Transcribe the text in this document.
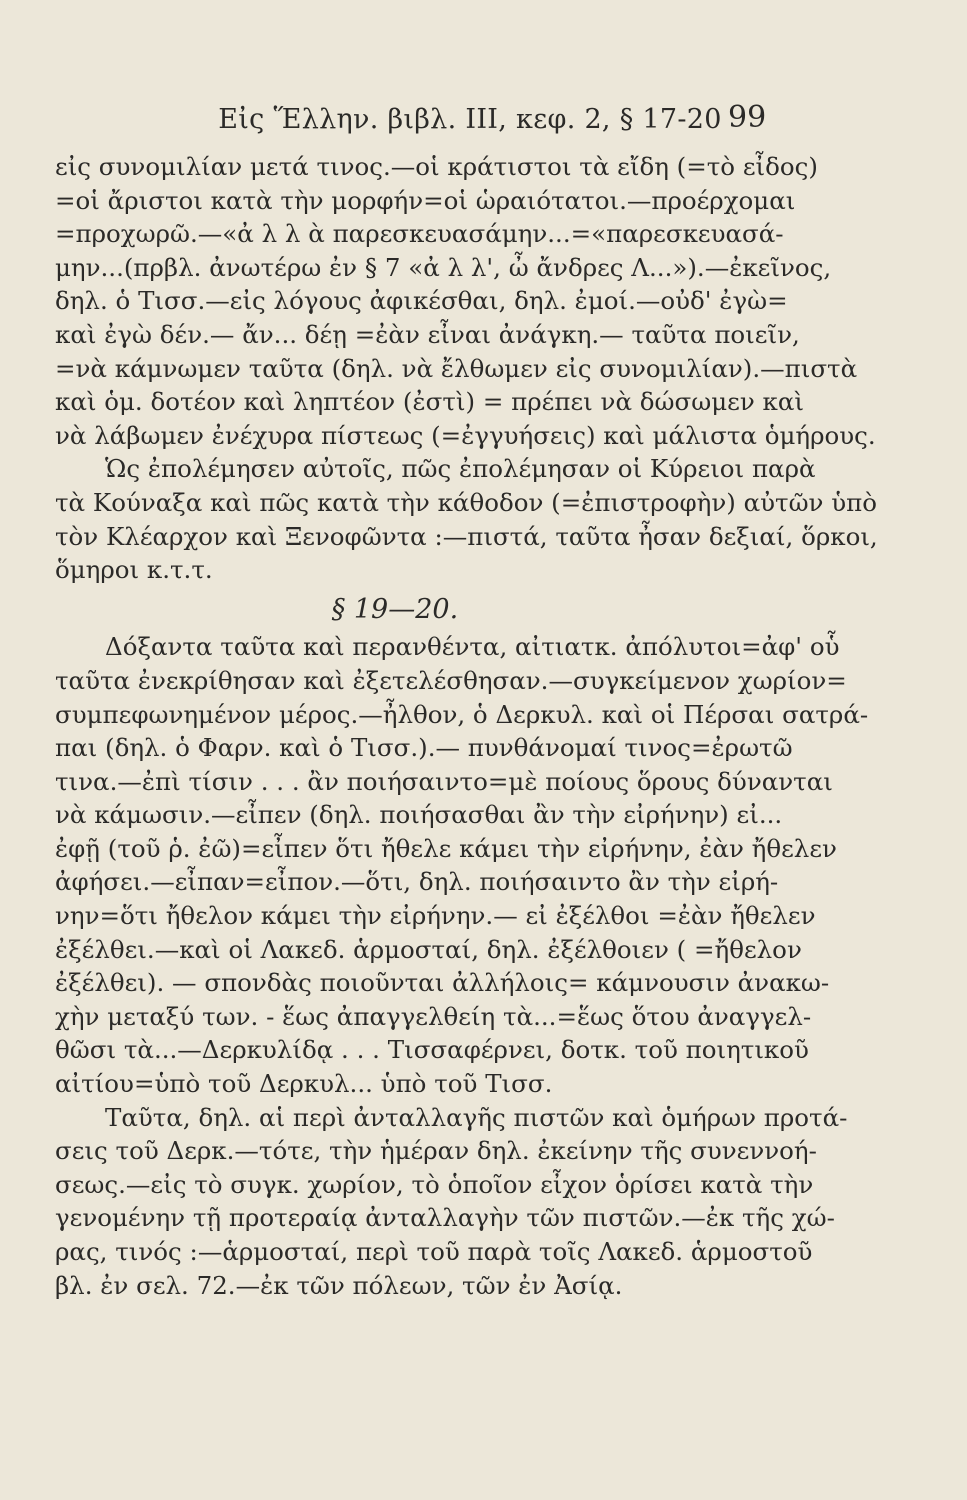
Εἰς Ἕλλην. βιβλ. III, κεφ. 2, § 17-20 99
εἰς συνομιλίαν μετά τινος.—οἱ κράτιστοι τὰ εἴδη (=τὸ εἶδος)
=οἱ ἄριστοι κατὰ τὴν μορφήν=οἱ ὡραιότατοι.—προέρχομαι
=προχωρῶ.—«ἀ λ λ ὰ παρεσκευασάμην...=«παρεσκευασά-
μην...(πρβλ. ἀνωτέρω ἐν § 7 «ἀ λ λ', ὦ ἄνδρες Λ...»).—ἐκεῖνος,
δηλ. ὁ Τισσ.—εἰς λόγους ἀφικέσθαι, δηλ. ἐμοί.—οὐδ' ἐγὼ=
καὶ ἐγὼ δέν.— ἄν... δέῃ =ἐὰν εἶναι ἀνάγκη.— ταῦτα ποιεῖν,
=νὰ κάμνωμεν ταῦτα (δηλ. νὰ ἔλθωμεν εἰς συνομιλίαν).—πιστὰ
καὶ ὁμ. δοτέον καὶ ληπτέον (ἐστὶ) = πρέπει νὰ δώσωμεν καὶ
νὰ λάβωμεν ἐνέχυρα πίστεως (=ἐγγυήσεις) καὶ μάλιστα ὁμήρους.
Ὡς ἐπολέμησεν αὐτοῖς, πῶς ἐπολέμησαν οἱ Κύρειοι παρὰ
τὰ Κούναξα καὶ πῶς κατὰ τὴν κάθοδον (=ἐπιστροφὴν) αὐτῶν ὑπὸ
τὸν Κλέαρχον καὶ Ξενοφῶντα :—πιστά, ταῦτα ἦσαν δεξιαί, ὅρκοι,
ὅμηροι κ.τ.τ.
§ 19—20.
Δόξαντα ταῦτα καὶ περανθέντα, αἰτιατκ. ἀπόλυτοι=ἀφ' οὗ
ταῦτα ἐνεκρίθησαν καὶ ἐξετελέσθησαν.—συγκείμενον χωρίον=
συμπεφωνημένον μέρος.—ἦλθον, ὁ Δερκυλ. καὶ οἱ Πέρσαι σατρά-
παι (δηλ. ὁ Φαρν. καὶ ὁ Τισσ.).— πυνθάνομαί τινος=ἐρωτῶ
τινα.—ἐπὶ τίσιν . . . ἂν ποιήσαιντο=μὲ ποίους ὅρους δύνανται
νὰ κάμωσιν.—εἶπεν (δηλ. ποιήσασθαι ἂν τὴν εἰρήνην) εἰ...
ἐφῇ (τοῦ ῥ. ἐῶ)=εἶπεν ὅτι ἤθελε κάμει τὴν εἰρήνην, ἐὰν ἤθελεν
ἀφήσει.—εἶπαν=εἶπον.—ὅτι, δηλ. ποιήσαιντο ἂν τὴν εἰρή-
νην=ὅτι ἤθελον κάμει τὴν εἰρήνην.— εἰ ἐξέλθοι =ἐὰν ἤθελεν
ἐξέλθει.—καὶ οἱ Λακεδ. ἁρμοσταί, δηλ. ἐξέλθοιεν ( =ἤθελον
ἐξέλθει). — σπονδὰς ποιοῦνται ἀλλήλοις= κάμνουσιν ἀνακω-
χὴν μεταξύ των. - ἕως ἀπαγγελθείη τὰ...=ἕως ὅτου ἀναγγελ-
θῶσι τὰ...—Δερκυλίδᾳ . . . Τισσαφέρνει, δοτκ. τοῦ ποιητικοῦ
αἰτίου=ὑπὸ τοῦ Δερκυλ... ὑπὸ τοῦ Τισσ.
Ταῦτα, δηλ. αἱ περὶ ἀνταλλαγῆς πιστῶν καὶ ὁμήρων προτά-
σεις τοῦ Δερκ.—τότε, τὴν ἡμέραν δηλ. ἐκείνην τῆς συνεννοή-
σεως.—εἰς τὸ συγκ. χωρίον, τὸ ὁποῖον εἶχον ὁρίσει κατὰ τὴν
γενομένην τῇ προτεραίᾳ ἀνταλλαγὴν τῶν πιστῶν.—ἐκ τῆς χώ-
ρας, τινός :—ἁρμοσταί, περὶ τοῦ παρὰ τοῖς Λακεδ. ἁρμοστοῦ
βλ. ἐν σελ. 72.—ἐκ τῶν πόλεων, τῶν ἐν Ἀσίᾳ.
